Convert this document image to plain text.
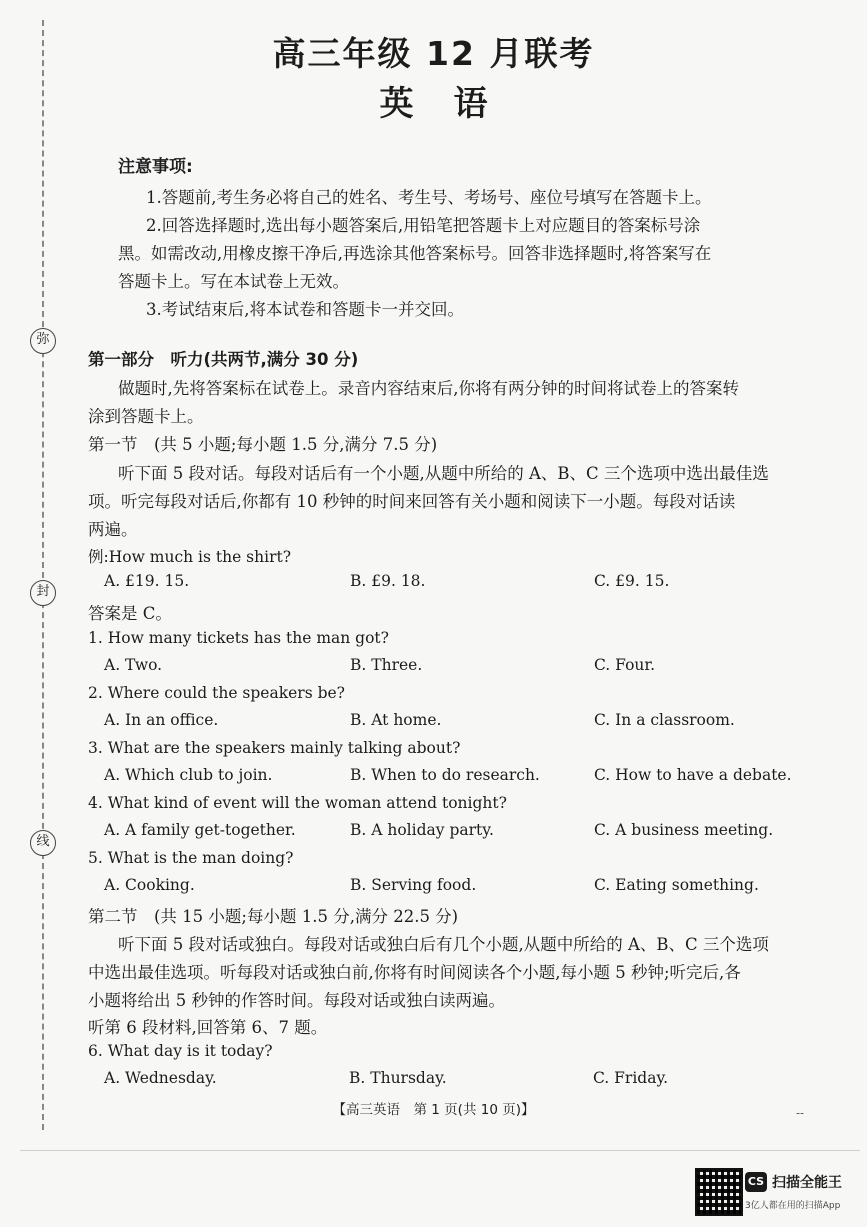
弥
封
线
高三年级 12 月联考
英语
注意事项:
1.答题前,考生务必将自己的姓名、考生号、考场号、座位号填写在答题卡上。
2.回答选择题时,选出每小题答案后,用铅笔把答题卡上对应题目的答案标号涂
黑。如需改动,用橡皮擦干净后,再选涂其他答案标号。回答非选择题时,将答案写在
答题卡上。写在本试卷上无效。
3.考试结束后,将本试卷和答题卡一并交回。
第一部分　听力(共两节,满分 30 分)
做题时,先将答案标在试卷上。录音内容结束后,你将有两分钟的时间将试卷上的答案转
涂到答题卡上。
第一节　(共 5 小题;每小题 1.5 分,满分 7.5 分)
听下面 5 段对话。每段对话后有一个小题,从题中所给的 A、B、C 三个选项中选出最佳选
项。听完每段对话后,你都有 10 秒钟的时间来回答有关小题和阅读下一小题。每段对话读
两遍。
例:How much is the shirt?
A. £19. 15.	B. £9. 18.	C. £9. 15.
答案是 C。
1. How many tickets has the man got?
A. Two.	B. Three.	C. Four.
2. Where could the speakers be?
A. In an office.	B. At home.	C. In a classroom.
3. What are the speakers mainly talking about?
A. Which club to join.	B. When to do research.	C. How to have a debate.
4. What kind of event will the woman attend tonight?
A. A family get-together.	B. A holiday party.	C. A business meeting.
5. What is the man doing?
A. Cooking.	B. Serving food.	C. Eating something.
第二节　(共 15 小题;每小题 1.5 分,满分 22.5 分)
听下面 5 段对话或独白。每段对话或独白后有几个小题,从题中所给的 A、B、C 三个选项
中选出最佳选项。听每段对话或独白前,你将有时间阅读各个小题,每小题 5 秒钟;听完后,各
小题将给出 5 秒钟的作答时间。每段对话或独白读两遍。
听第 6 段材料,回答第 6、7 题。
6. What day is it today?
A. Wednesday.	B. Thursday.	C. Friday.
【高三英语　第 1 页(共 10 页)】	--
CS 扫描全能王
3亿人都在用的扫描App
